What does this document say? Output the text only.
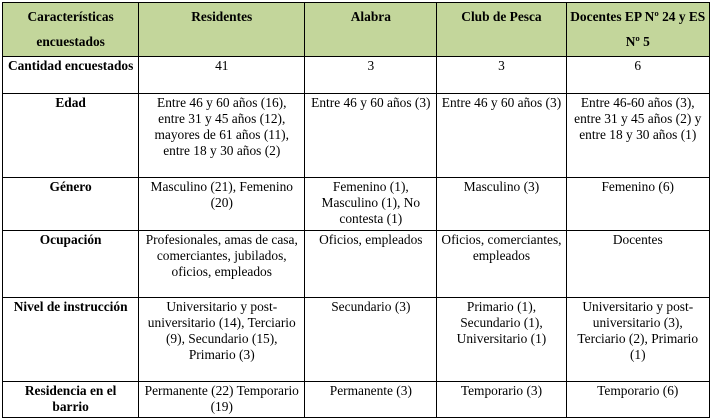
Características encuestados	Residentes	Alabra	Club de Pesca	Docentes EP Nº 24 y ES Nº 5
Cantidad encuestados	41	3	3	6
Edad	Entre 46 y 60 años (16), entre 31 y 45 años (12), mayores de 61 años (11), entre 18 y 30 años (2)	Entre 46 y 60 años (3)	Entre 46 y 60 años (3)	Entre 46-60 años (3), entre 31 y 45 años (2) y entre 18 y 30 años (1)
Género	Masculino (21), Femenino (20)	Femenino (1), Masculino (1), No contesta (1)	Masculino (3)	Femenino (6)
Ocupación	Profesionales, amas de casa, comerciantes, jubilados, oficios, empleados	Oficios, empleados	Oficios, comerciantes, empleados	Docentes
Nivel de instrucción	Universitario y post-universitario (14), Terciario (9), Secundario (15), Primario (3)	Secundario (3)	Primario (1), Secundario (1), Universitario (1)	Universitario y post-universitario (3), Terciario (2), Primario (1)
Residencia en el barrio	Permanente (22) Temporario (19)	Permanente (3)	Temporario (3)	Temporario (6)
